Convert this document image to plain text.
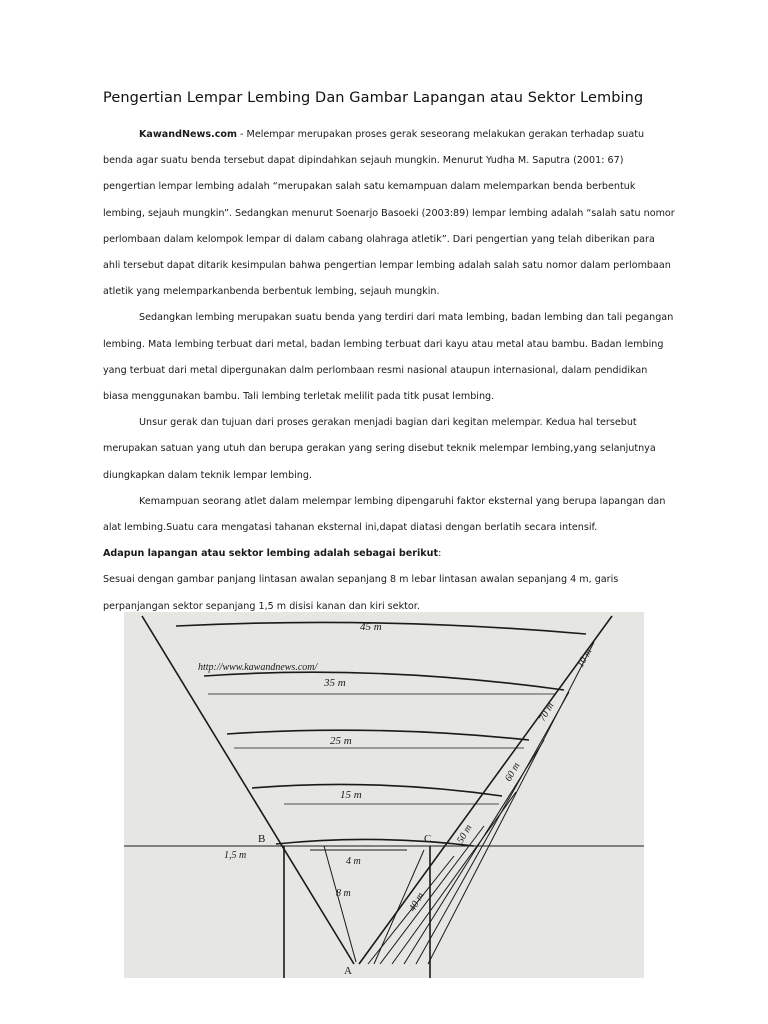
Pengertian Lempar Lembing Dan Gambar Lapangan atau Sektor Lembing

KawandNews.com - Melempar merupakan proses gerak seseorang melakukan gerakan terhadap suatu benda agar suatu benda tersebut dapat dipindahkan sejauh mungkin. Menurut Yudha M. Saputra (2001: 67) pengertian lempar lembing adalah “merupakan salah satu kemampuan dalam melemparkan benda berbentuk lembing, sejauh mungkin”. Sedangkan menurut Soenarjo Basoeki (2003:89) lempar lembing adalah “salah satu nomor perlombaan dalam kelompok lempar di dalam cabang olahraga atletik”. Dari pengertian yang telah diberikan para ahli tersebut dapat ditarik kesimpulan bahwa pengertian lempar lembing adalah salah satu nomor dalam perlombaan atletik yang melemparkanbenda berbentuk lembing, sejauh mungkin.

Sedangkan lembing merupakan suatu benda yang terdiri dari mata lembing, badan lembing dan tali pegangan lembing. Mata lembing terbuat dari metal, badan lembing terbuat dari kayu atau metal atau bambu. Badan lembing yang terbuat dari metal dipergunakan dalm perlombaan resmi nasional ataupun internasional, dalam pendidikan biasa menggunakan bambu. Tali lembing terletak melilit pada titk pusat lembing.

Unsur gerak dan tujuan dari proses gerakan menjadi bagian dari kegitan melempar. Kedua hal tersebut merupakan satuan yang utuh dan berupa gerakan yang sering disebut teknik melempar lembing,yang selanjutnya diungkapkan dalam teknik lempar lembing.

Kemampuan seorang atlet dalam melempar lembing dipengaruhi faktor eksternal yang berupa lapangan dan alat lembing.Suatu cara mengatasi tahanan eksternal ini,dapat diatasi dengan berlatih secara intensif.

Adapun lapangan atau sektor lembing adalah sebagai berikut:

Sesuai dengan gambar panjang lintasan awalan sepanjang 8 m lebar lintasan awalan sepanjang 4 m, garis perpanjangan sektor sepanjang 1,5 m disisi kanan dan kiri sektor.

45 m
http://www.kawandnews.com/
35 m
25 m
15 m
4 m
8 m
1,5 m
B	C
A
10 m
70 m
60 m
50 m
40 m
